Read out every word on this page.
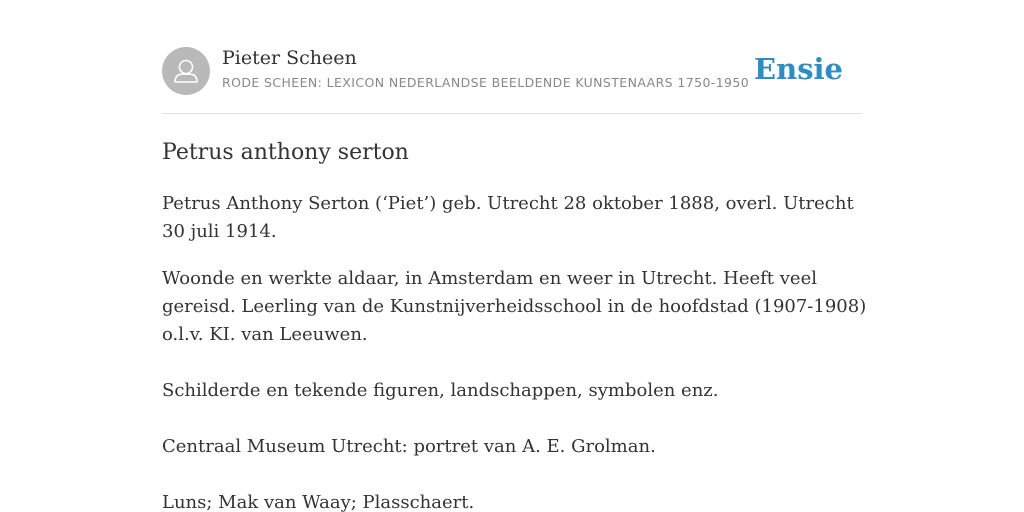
Pieter Scheen
RODE SCHEEN: LEXICON NEDERLANDSE BEELDENDE KUNSTENAARS 1750-1950 Ensie
Petrus anthony serton

Petrus Anthony Serton (‘Piet’) geb. Utrecht 28 oktober 1888, overl. Utrecht 30 juli 1914.

Woonde en werkte aldaar, in Amsterdam en weer in Utrecht. Heeft veel gereisd. Leerling van de Kunstnijverheidsschool in de hoofdstad (1907-1908) o.l.v. KI. van Leeuwen.

Schilderde en tekende figuren, landschappen, symbolen enz.

Centraal Museum Utrecht: portret van A. E. Grolman.

Luns; Mak van Waay; Plasschaert.
